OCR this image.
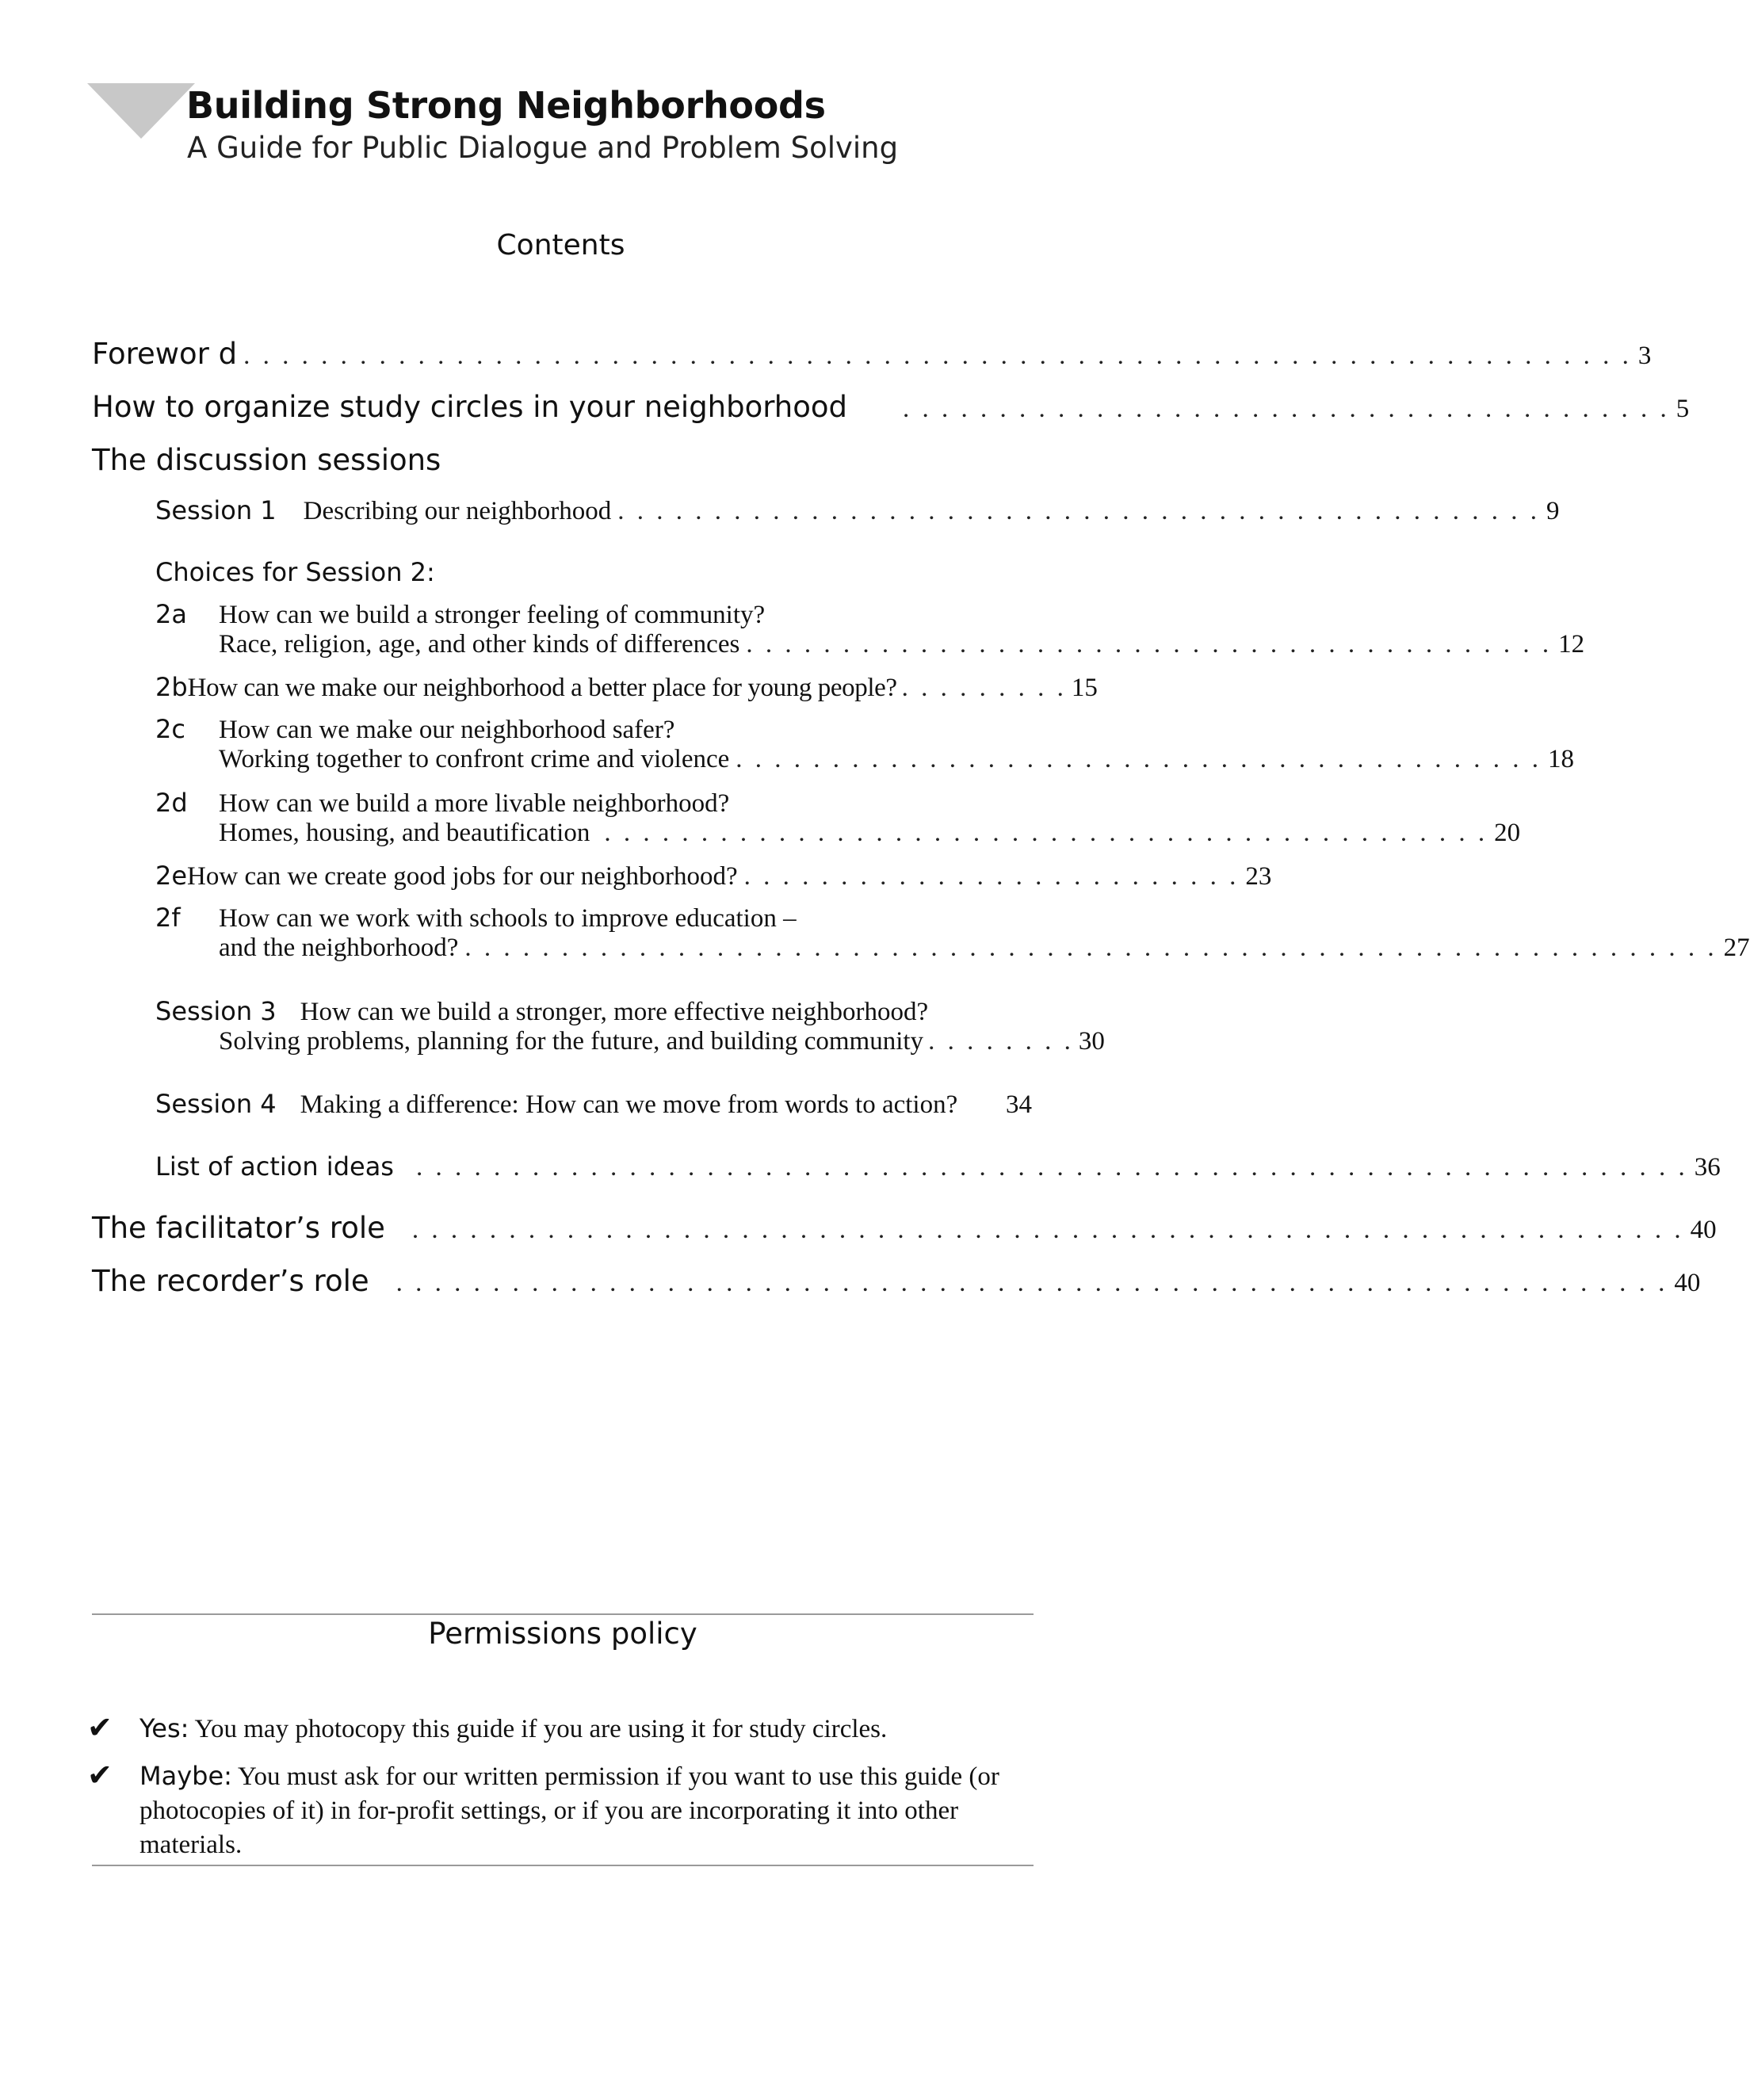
Building Strong Neighborhoods
A Guide for Public Dialogue and Problem Solving
Contents
Forewor d . . . . . . . . . . . . . . . . . . . . . . . . . . . . . . . . . . . . . . . . . . . . . . . . . . . . . . . . . . . . . . . . . . . . . . . . 3
How to organize study circles in your neighborhood . . . . . . . . . . . . . . . . . . . . . . . . . . . . . . . . . . . . . . . . 5
The discussion sessions
Session 1 Describing our neighborhood . . . . . . . . . . . . . . . . . . . . . . . . . . . . . . . . . . . . . . . . . . . . . . . . 9
Choices for Session 2:
2a How can we build a stronger feeling of community?
Race, religion, age, and other kinds of differences . . . . . . . . . . . . . . . . . . . . . . . . . . . . . . . . . . . . . . . . . . 12
2b How can we make our neighborhood a better place for young people? . . . . . . . . . 15
2c How can we make our neighborhood safer?
Working together to confront crime and violence . . . . . . . . . . . . . . . . . . . . . . . . . . . . . . . . . . . . . . . . . . 18
2d How can we build a more livable neighborhood?
Homes, housing, and beautification . . . . . . . . . . . . . . . . . . . . . . . . . . . . . . . . . . . . . . . . . . . . . . 20
2e How can we create good jobs for our neighborhood? . . . . . . . . . . . . . . . . . . . . . . . . . . 23
2f How can we work with schools to improve education –
and the neighborhood? . . . . . . . . . . . . . . . . . . . . . . . . . . . . . . . . . . . . . . . . . . . . . . . . . . . . . . . . . . . . . . . . . 27
Session 3 How can we build a stronger, more effective neighborhood?
Solving problems, planning for the future, and building community . . . . . . . . 30
Session 4 Making a difference: How can we move from words to action? 34
List of action ideas . . . . . . . . . . . . . . . . . . . . . . . . . . . . . . . . . . . . . . . . . . . . . . . . . . . . . . . . . . . . . . . . . . 36
The facilitator’s role . . . . . . . . . . . . . . . . . . . . . . . . . . . . . . . . . . . . . . . . . . . . . . . . . . . . . . . . . . . . . . . . . . 40
The recorder’s role . . . . . . . . . . . . . . . . . . . . . . . . . . . . . . . . . . . . . . . . . . . . . . . . . . . . . . . . . . . . . . . . . . 40
Permissions policy
✔ Yes: You may photocopy this guide if you are using it for study circles.
✔ Maybe: You must ask for our written permission if you want to use this guide (or photocopies of it) in for-profit settings, or if you are incorporating it into other materials.
